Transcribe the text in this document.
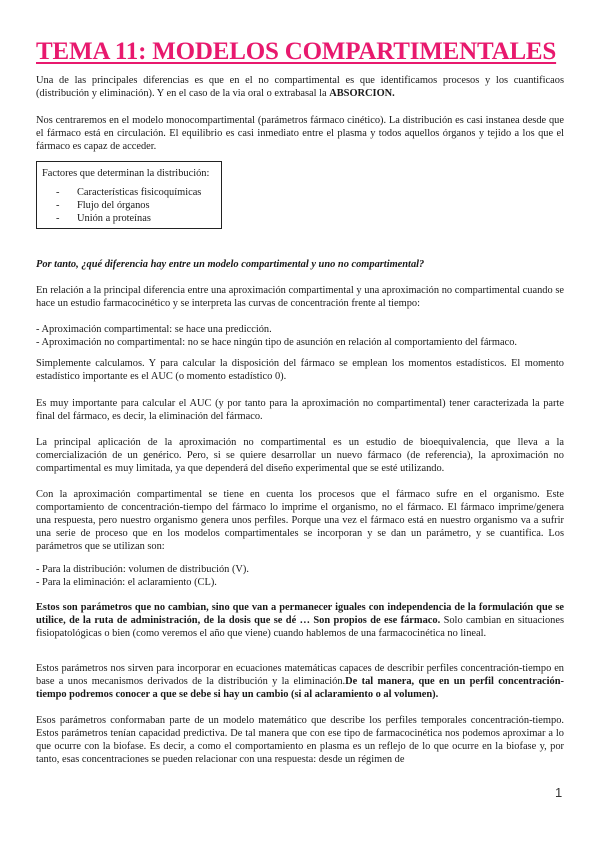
TEMA 11: MODELOS COMPARTIMENTALES

Una de las principales diferencias es que en el no compartimental es que identificamos procesos y los cuantificaos (distribución y eliminación). Y en el caso de la via oral o extrabasal la ABSORCION.

Nos centraremos en el modelo monocompartimental (parámetros fármaco cinético). La distribución es casi instanea desde que el fármaco está en circulación. El equilibrio es casi inmediato entre el plasma y todos aquellos órganos y tejido a los que el fármaco es capaz de acceder.

Factores que determinan la distribución:
- Características fisicoquímicas
- Flujo del órganos
- Unión a proteínas

Por tanto, ¿qué diferencia hay entre un modelo compartimental y uno no compartimental?

En relación a la principal diferencia entre una aproximación compartimental y una aproximación no compartimental cuando se hace un estudio farmacocinético y se interpreta las curvas de concentración frente al tiempo:

- Aproximación compartimental: se hace una predicción.
- Aproximación no compartimental: no se hace ningún tipo de asunción en relación al comportamiento del fármaco.

Simplemente calculamos. Y para calcular la disposición del fármaco se emplean los momentos estadísticos. El momento estadístico importante es el AUC (o momento estadístico 0).

Es muy importante para calcular el AUC (y por tanto para la aproximación no compartimental) tener caracterizada la parte final del fármaco, es decir, la eliminación del fármaco.

La principal aplicación de la aproximación no compartimental es un estudio de bioequivalencia, que lleva a la comercialización de un genérico. Pero, si se quiere desarrollar un nuevo fármaco (de referencia), la aproximación no compartimental es muy limitada, ya que dependerá del diseño experimental que se esté utilizando.

Con la aproximación compartimental se tiene en cuenta los procesos que el fármaco sufre en el organismo. Este comportamiento de concentración-tiempo del fármaco lo imprime el organismo, no el fármaco. El fármaco imprime/genera una respuesta, pero nuestro organismo genera unos perfiles. Porque una vez el fármaco está en nuestro organismo va a sufrir una serie de proceso que en los modelos compartimentales se incorporan y se dan un parámetro, y se cuantifica. Los parámetros que se utilizan son:

- Para la distribución: volumen de distribución (V).
- Para la eliminación: el aclaramiento (CL).

Estos son parámetros que no cambian, sino que van a permanecer iguales con independencia de la formulación que se utilice, de la ruta de administración, de la dosis que se dé … Son propios de ese fármaco. Solo cambian en situaciones fisiopatológicas o bien (como veremos el año que viene) cuando hablemos de una farmacocinética no lineal.

Estos parámetros nos sirven para incorporar en ecuaciones matemáticas capaces de describir perfiles concentración-tiempo en base a unos mecanismos derivados de la distribución y la eliminación.De tal manera, que en un perfil concentración-tiempo podremos conocer a que se debe si hay un cambio (si al aclaramiento o al volumen).

Esos parámetros conformaban parte de un modelo matemático que describe los perfiles temporales concentración-tiempo. Estos parámetros tenían capacidad predictiva. De tal manera que con ese tipo de farmacocinética nos podemos aproximar a lo que ocurre con la biofase. Es decir, a como el comportamiento en plasma es un reflejo de lo que ocurre en la biofase y, por tanto, esas concentraciones se pueden relacionar con una respuesta: desde un régimen de

1
